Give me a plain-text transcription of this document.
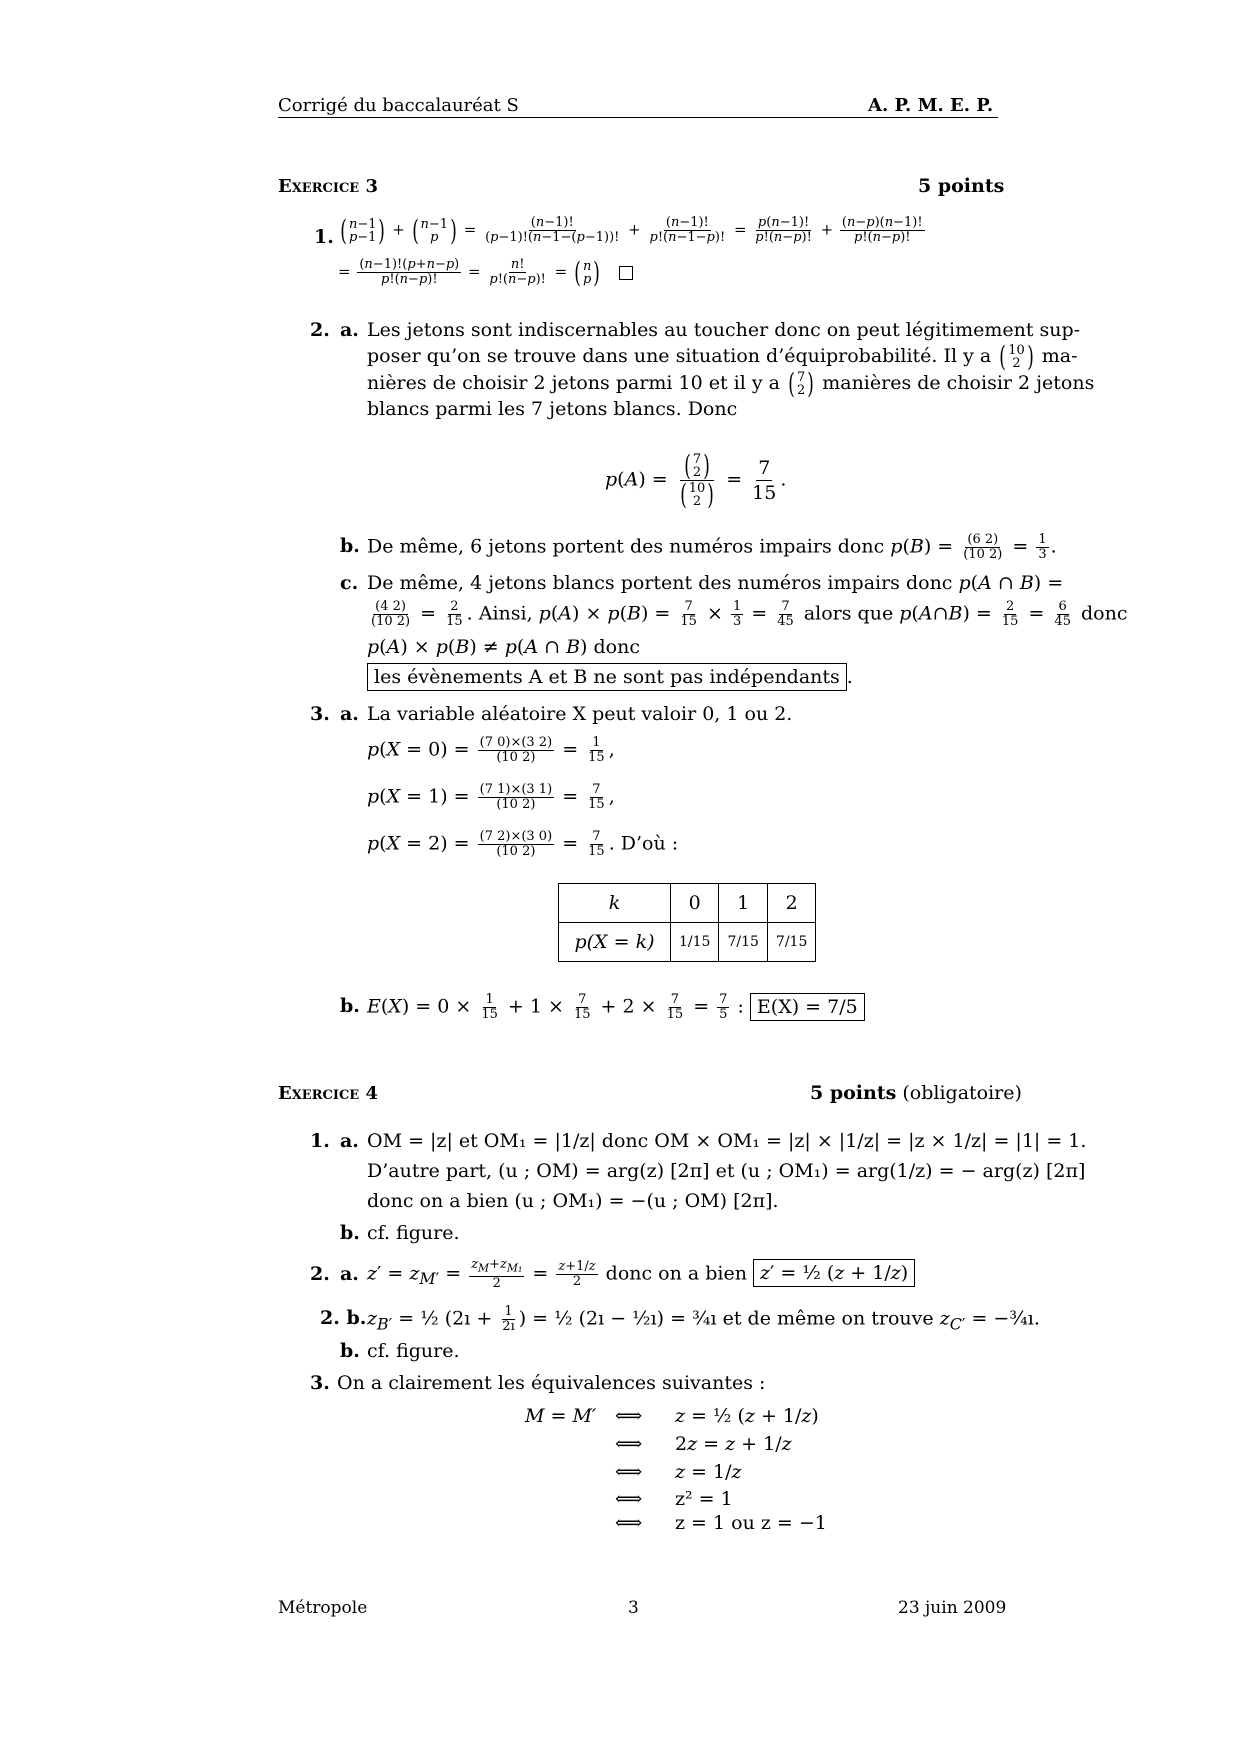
Corrigé du baccalauréat S	A. P. M. E. P.
Exercice 3	5 points
1. ( n−1
p−1 ) + ( n−1
p ) = $\frac{(n-1)!}{(p-1)!(n-1-(p-1))!} + \frac{(n-1)!}{p!(n-1-p)!} = \frac{p(n-1)!}{p!(n-p)!} + \frac{(n-p)(n-1)!}{p!(n-p)!}$
= $\frac{(n-1)!(p+n-p)}{p!(n-p)!} = \frac{n!}{p!(n-p)!}$ = ( n
p )

2. a. Les jetons sont indiscernables au toucher donc on peut légitimement sup-
poser qu’on se trouve dans une situation d’équiprobabilité. Il y a ( 10
2 ) ma-
nières de choisir 2 jetons parmi 10 et il y a ( 7
2 ) manières de choisir 2 jetons
blancs parmi les 7 jetons blancs. Donc
p(A) = ( 7
2 )
( 10
2 ) = $\frac{7}{15}$ .
b. De même, 6 jetons portent des numéros impairs donc $p(B) = \frac{(6 2)}{(10 2)} = \frac{1}{3}$ .
c. De même, 4 jetons blancs portent des numéros impairs donc p(A ∩ B) =
$\frac{(4 2)}{(10 2)} = \frac{2}{15}$ . Ainsi, $p(A) \times p(B) = \frac{7}{15} \times \frac{1}{3} = \frac{7}{45}$ alors que p(A∩B) = $\frac{2}{15} = \frac{6}{45}$ donc
p(A) × p(B) ≠ p(A ∩ B) donc
les évènements A et B ne sont pas indépendants .
3. a. La variable aléatoire X peut valoir 0, 1 ou 2.
$p(X = 0) = \frac{(7 0)\times(3 2)}{(10 2)} = \frac{1}{15}$ ,
$p(X = 1) = \frac{(7 1)\times(3 1)}{(10 2)} = \frac{7}{15}$ ,
$p(X = 2) = \frac{(7 2)\times(3 0)}{(10 2)} = \frac{7}{15}$ . D’où :
k	0	1	2
p(X = k)	1/15	7/15	7/15
b. $E(X) = 0 \times \frac{1}{15} + 1 \times \frac{7}{15} + 2 \times \frac{7}{15} = \frac{7}{5}$ : E(X) = 7/5
Exercice 4	5 points (obligatoire)
1. a. OM = |z| et OM₁ = |1/z| donc OM × OM₁ = |z| × |1/z| = |z × 1/z| = |1| = 1.
D’autre part, (u ; OM) = arg(z) [2π] et (u ; OM₁) = arg(1/z) = − arg(z) [2π]
donc on a bien (u ; OM₁) = −(u ; OM) [2π].
b. cf. figure.
2. a. $z' = z_{M'} = \frac{z_M+z_{M_1}}{2} = \frac{z+1/z}{2}$ donc on a bien z′ = ½ (z + 1/z)
2. b. $z_{B'}$ = ½ (2ı + $\frac{1}{2ı}$ ) = ½ (2ı − ½ı) = ¾ı et de même on trouve $z_{C'}$ = −¾ı.
b. cf. figure.
3. On a clairement les équivalences suivantes :
M = M′ ⟺ z = ½ (z + 1/z)
⟺ 2z = z + 1/z
⟺ z = 1/z
⟺ z² = 1
⟺ z = 1 ou z = −1
Métropole	3	23 juin 2009
